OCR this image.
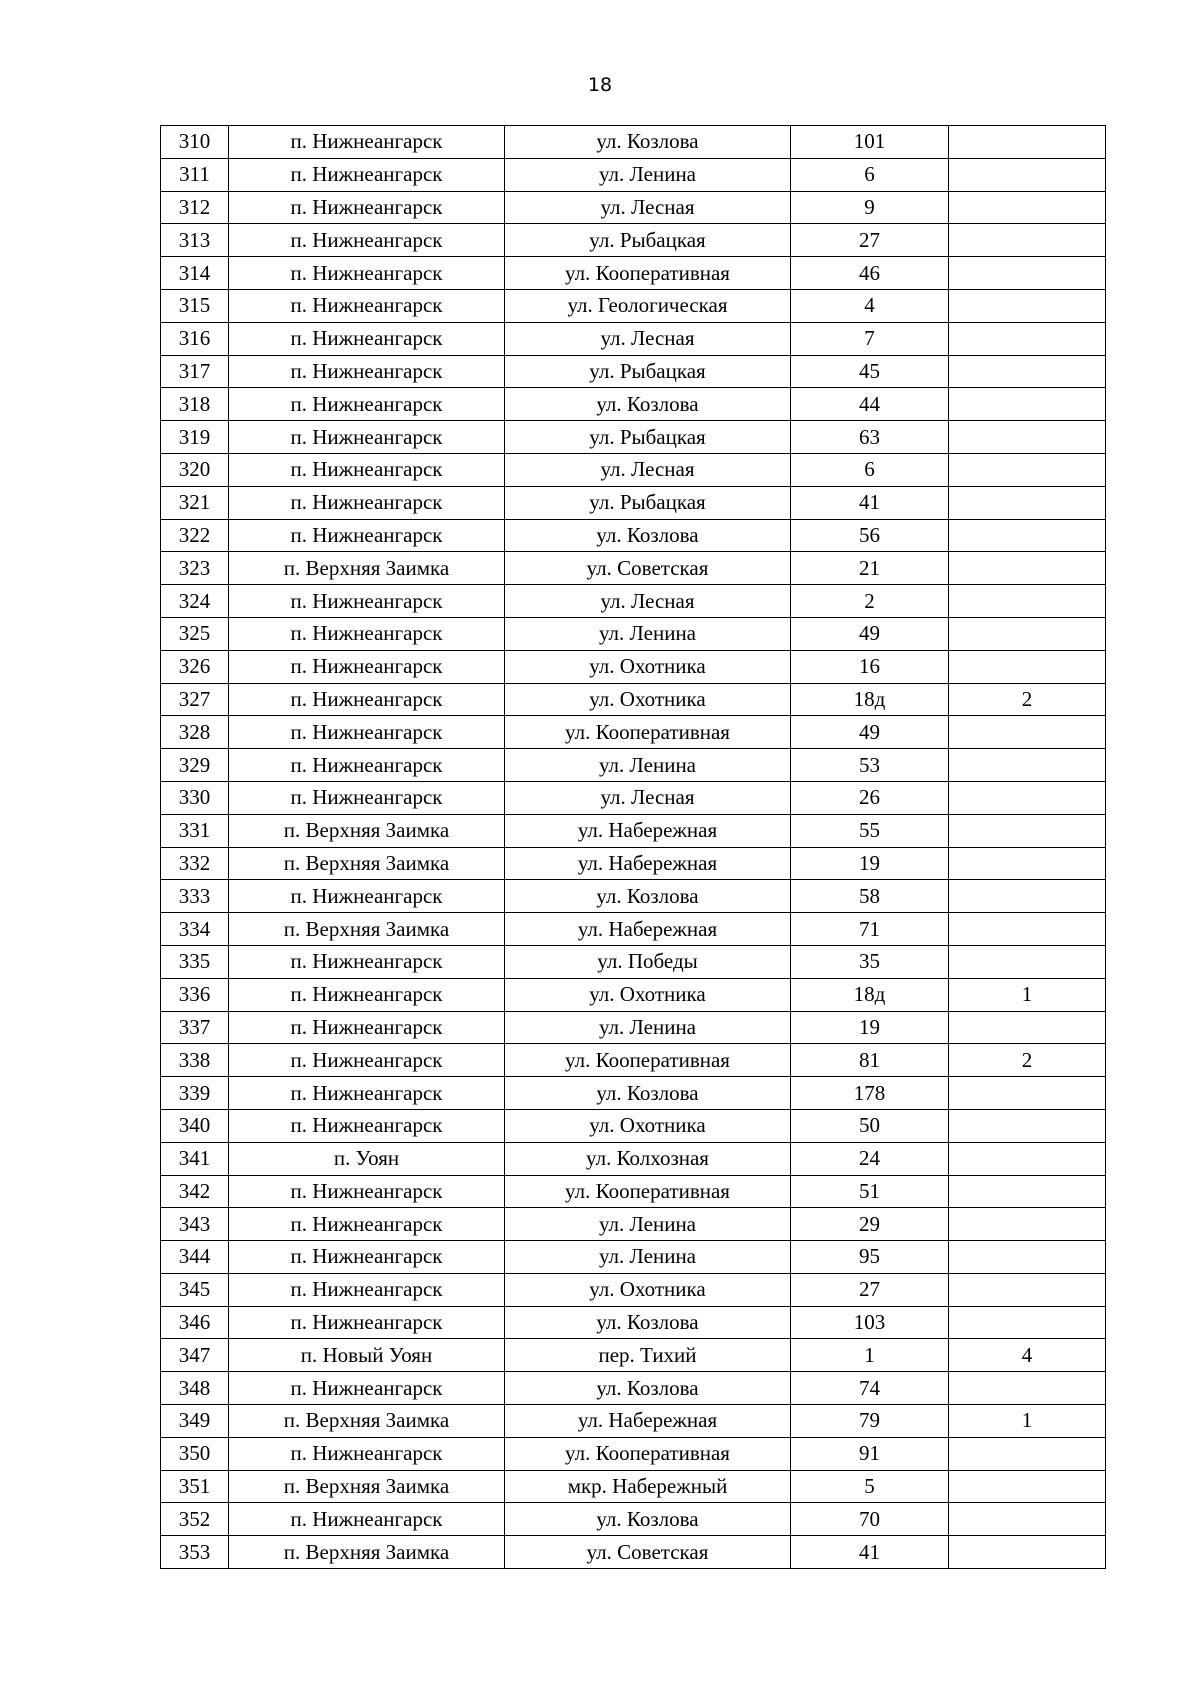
18
310	п. Нижнеангарск	ул. Козлова	101	
311	п. Нижнеангарск	ул. Ленина	6	
312	п. Нижнеангарск	ул. Лесная	9	
313	п. Нижнеангарск	ул. Рыбацкая	27	
314	п. Нижнеангарск	ул. Кооперативная	46	
315	п. Нижнеангарск	ул. Геологическая	4	
316	п. Нижнеангарск	ул. Лесная	7	
317	п. Нижнеангарск	ул. Рыбацкая	45	
318	п. Нижнеангарск	ул. Козлова	44	
319	п. Нижнеангарск	ул. Рыбацкая	63	
320	п. Нижнеангарск	ул. Лесная	6	
321	п. Нижнеангарск	ул. Рыбацкая	41	
322	п. Нижнеангарск	ул. Козлова	56	
323	п. Верхняя Заимка	ул. Советская	21	
324	п. Нижнеангарск	ул. Лесная	2	
325	п. Нижнеангарск	ул. Ленина	49	
326	п. Нижнеангарск	ул. Охотника	16	
327	п. Нижнеангарск	ул. Охотника	18д	2
328	п. Нижнеангарск	ул. Кооперативная	49	
329	п. Нижнеангарск	ул. Ленина	53	
330	п. Нижнеангарск	ул. Лесная	26	
331	п. Верхняя Заимка	ул. Набережная	55	
332	п. Верхняя Заимка	ул. Набережная	19	
333	п. Нижнеангарск	ул. Козлова	58	
334	п. Верхняя Заимка	ул. Набережная	71	
335	п. Нижнеангарск	ул. Победы	35	
336	п. Нижнеангарск	ул. Охотника	18д	1
337	п. Нижнеангарск	ул. Ленина	19	
338	п. Нижнеангарск	ул. Кооперативная	81	2
339	п. Нижнеангарск	ул. Козлова	178	
340	п. Нижнеангарск	ул. Охотника	50	
341	п. Уоян	ул. Колхозная	24	
342	п. Нижнеангарск	ул. Кооперативная	51	
343	п. Нижнеангарск	ул. Ленина	29	
344	п. Нижнеангарск	ул. Ленина	95	
345	п. Нижнеангарск	ул. Охотника	27	
346	п. Нижнеангарск	ул. Козлова	103	
347	п. Новый Уоян	пер. Тихий	1	4
348	п. Нижнеангарск	ул. Козлова	74	
349	п. Верхняя Заимка	ул. Набережная	79	1
350	п. Нижнеангарск	ул. Кооперативная	91	
351	п. Верхняя Заимка	мкр. Набережный	5	
352	п. Нижнеангарск	ул. Козлова	70	
353	п. Верхняя Заимка	ул. Советская	41	
